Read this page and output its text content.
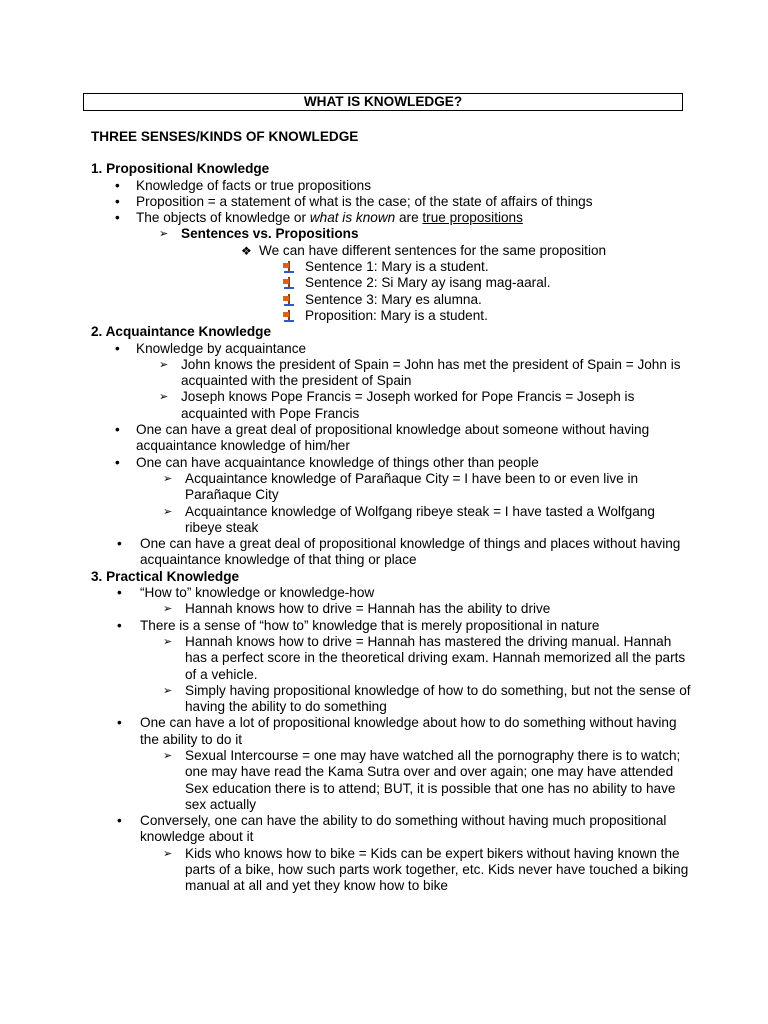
WHAT IS KNOWLEDGE?
THREE SENSES/KINDS OF KNOWLEDGE
1. Propositional Knowledge
• Knowledge of facts or true propositions
• Proposition = a statement of what is the case; of the state of affairs of things
• The objects of knowledge or what is known are true propositions
➢ Sentences vs. Propositions
❖ We can have different sentences for the same proposition
Sentence 1: Mary is a student.
Sentence 2: Si Mary ay isang mag-aaral.
Sentence 3: Mary es alumna.
Proposition: Mary is a student.
2. Acquaintance Knowledge
• Knowledge by acquaintance
➢ John knows the president of Spain = John has met the president of Spain = John is acquainted with the president of Spain
➢ Joseph knows Pope Francis = Joseph worked for Pope Francis = Joseph is acquainted with Pope Francis
• One can have a great deal of propositional knowledge about someone without having acquaintance knowledge of him/her
• One can have acquaintance knowledge of things other than people
➢ Acquaintance knowledge of Parañaque City = I have been to or even live in Parañaque City
➢ Acquaintance knowledge of Wolfgang ribeye steak = I have tasted a Wolfgang ribeye steak
• One can have a great deal of propositional knowledge of things and places without having acquaintance knowledge of that thing or place
3. Practical Knowledge
• “How to” knowledge or knowledge-how
➢ Hannah knows how to drive = Hannah has the ability to drive
• There is a sense of “how to” knowledge that is merely propositional in nature
➢ Hannah knows how to drive = Hannah has mastered the driving manual. Hannah has a perfect score in the theoretical driving exam. Hannah memorized all the parts of a vehicle.
➢ Simply having propositional knowledge of how to do something, but not the sense of having the ability to do something
• One can have a lot of propositional knowledge about how to do something without having the ability to do it
➢ Sexual Intercourse = one may have watched all the pornography there is to watch; one may have read the Kama Sutra over and over again; one may have attended Sex education there is to attend; BUT, it is possible that one has no ability to have sex actually
• Conversely, one can have the ability to do something without having much propositional knowledge about it
➢ Kids who knows how to bike = Kids can be expert bikers without having known the parts of a bike, how such parts work together, etc. Kids never have touched a biking manual at all and yet they know how to bike
